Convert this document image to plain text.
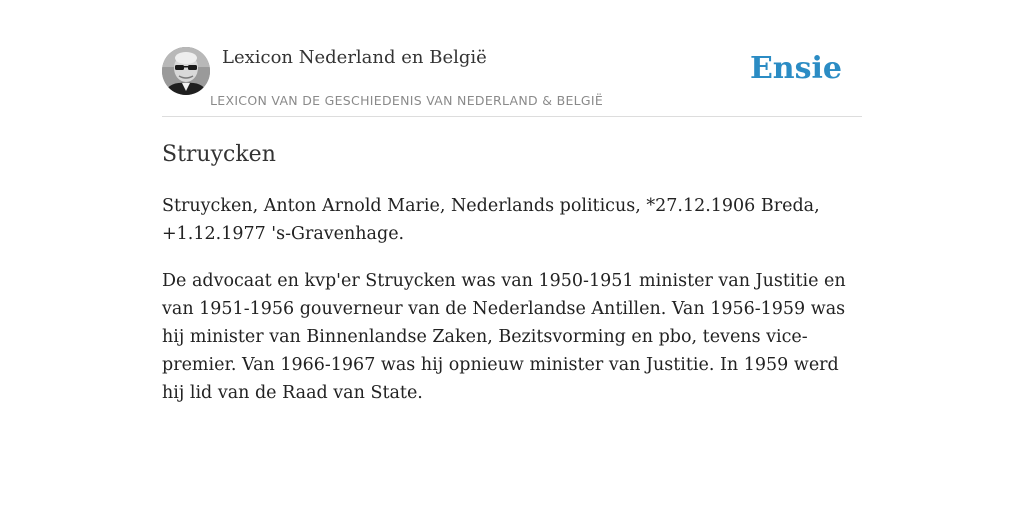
Lexicon Nederland en België
LEXICON VAN DE GESCHIEDENIS VAN NEDERLAND & BELGIË
Ensie
Struycken

Struycken, Anton Arnold Marie, Nederlands politicus, *27.12.1906 Breda, +1.12.1977 's-Gravenhage.

De advocaat en kvp'er Struycken was van 1950-1951 minister van Justitie en van 1951-1956 gouverneur van de Nederlandse Antillen. Van 1956-1959 was hij minister van Binnenlandse Zaken, Bezitsvorming en pbo, tevens vice-premier. Van 1966-1967 was hij opnieuw minister van Justitie. In 1959 werd hij lid van de Raad van State.
